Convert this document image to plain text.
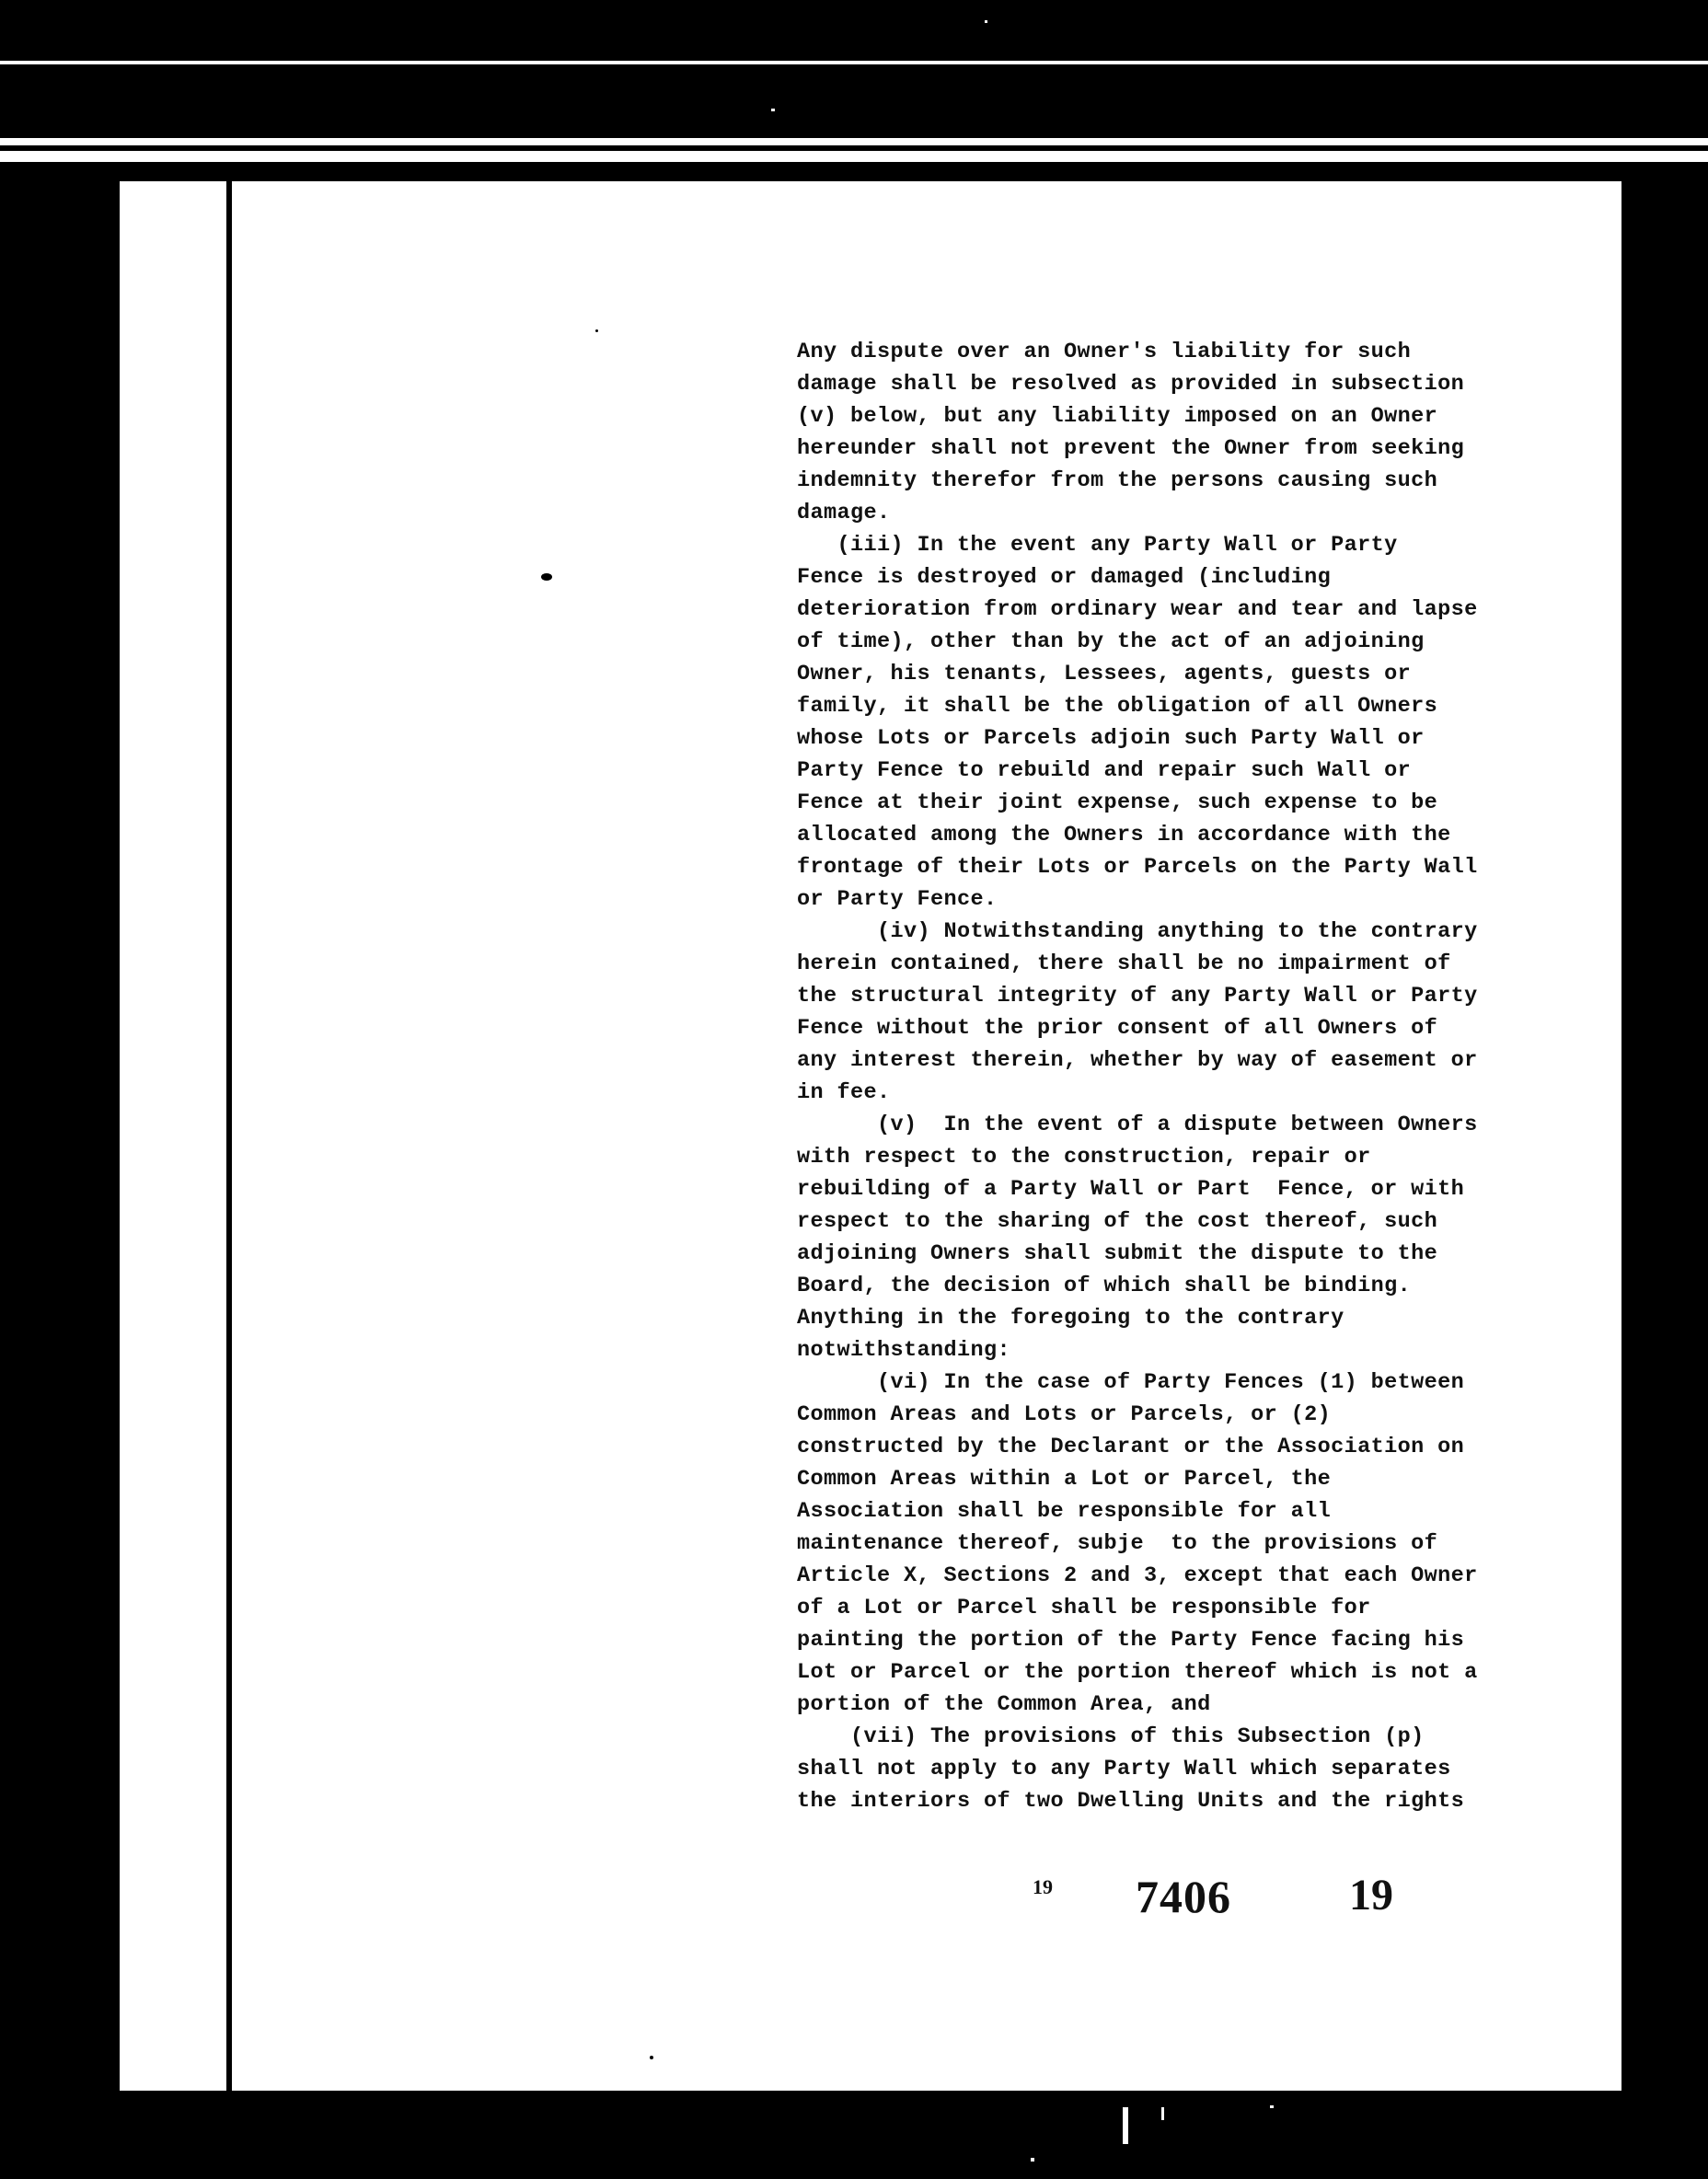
Any dispute over an Owner's liability for such
damage shall be resolved as provided in subsection
(v) below, but any liability imposed on an Owner
hereunder shall not prevent the Owner from seeking
indemnity therefor from the persons causing such
damage.
(iii) In the event any Party Wall or Party
Fence is destroyed or damaged (including
deterioration from ordinary wear and tear and lapse
of time), other than by the act of an adjoining
Owner, his tenants, Lessees, agents, guests or
family, it shall be the obligation of all Owners
whose Lots or Parcels adjoin such Party Wall or
Party Fence to rebuild and repair such Wall or
Fence at their joint expense, such expense to be
allocated among the Owners in accordance with the
frontage of their Lots or Parcels on the Party Wall
or Party Fence.
(iv) Notwithstanding anything to the contrary
herein contained, there shall be no impairment of
the structural integrity of any Party Wall or Party
Fence without the prior consent of all Owners of
any interest therein, whether by way of easement or
in fee.
(v)  In the event of a dispute between Owners
with respect to the construction, repair or
rebuilding of a Party Wall or Part  Fence, or with
respect to the sharing of the cost thereof, such
adjoining Owners shall submit the dispute to the
Board, the decision of which shall be binding.
Anything in the foregoing to the contrary
notwithstanding:
(vi) In the case of Party Fences (1) between
Common Areas and Lots or Parcels, or (2)
constructed by the Declarant or the Association on
Common Areas within a Lot or Parcel, the
Association shall be responsible for all
maintenance thereof, subje  to the provisions of
Article X, Sections 2 and 3, except that each Owner
of a Lot or Parcel shall be responsible for
painting the portion of the Party Fence facing his
Lot or Parcel or the portion thereof which is not a
portion of the Common Area, and
(vii) The provisions of this Subsection (p)
shall not apply to any Party Wall which separates
the interiors of two Dwelling Units and the rights
19 7406	19
